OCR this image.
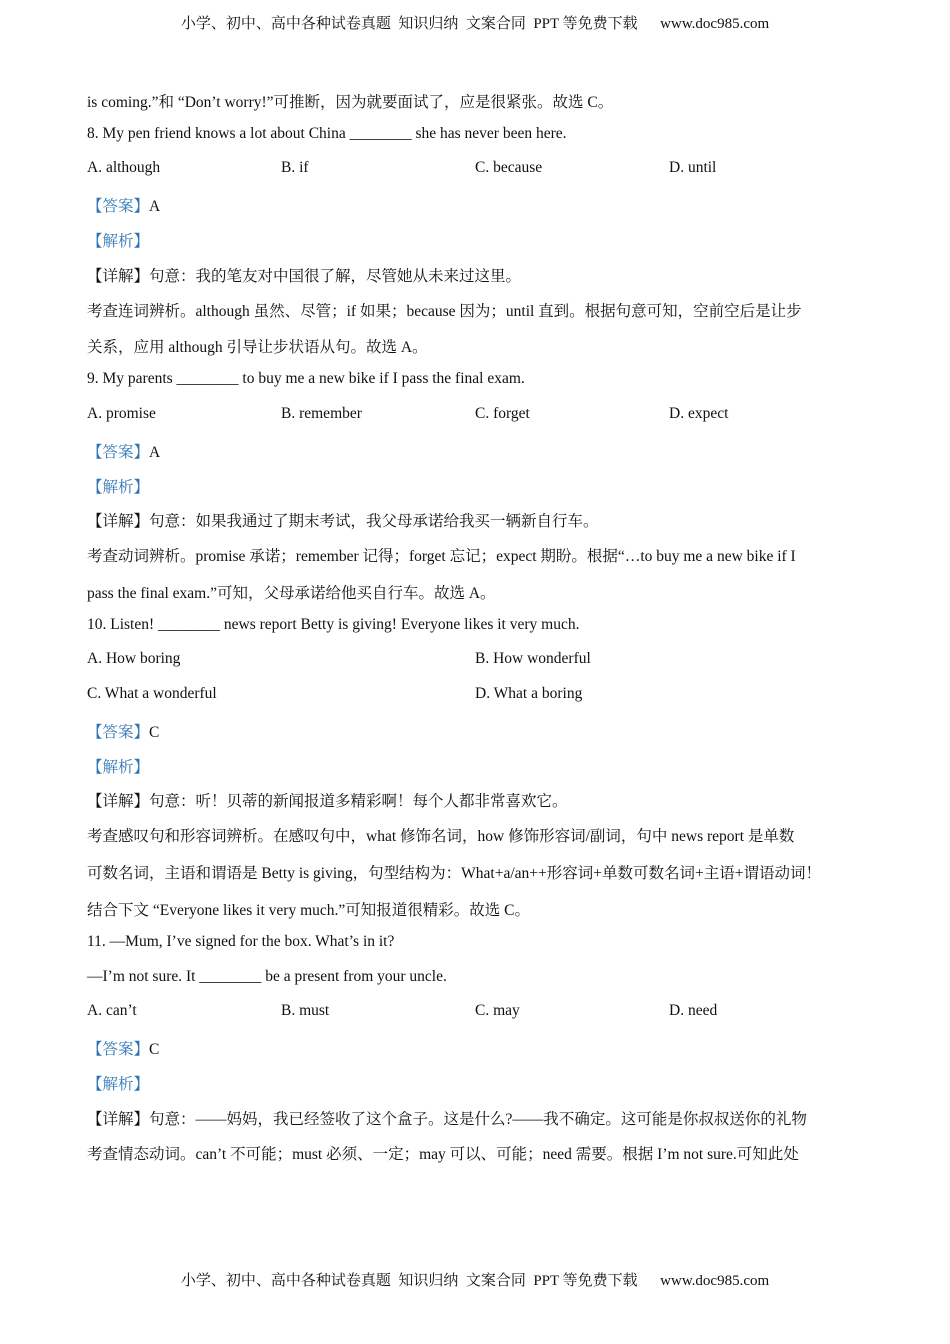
小学、初中、高中各种试卷真题  知识归纳  文案合同  PPT 等免费下载      www.doc985.com
is coming.”和 “Don’t worry!”可推断，因为就要面试了，应是很紧张。故选 C。
8. My pen friend knows a lot about China ________ she has never been here.
A. although	B. if	C. because	D. until
【答案】A
【解析】
【详解】句意：我的笔友对中国很了解，尽管她从未来过这里。
考查连词辨析。although 虽然、尽管；if 如果；because 因为；until 直到。根据句意可知，空前空后是让步
关系，应用 although 引导让步状语从句。故选 A。
9. My parents ________ to buy me a new bike if I pass the final exam.
A. promise	B. remember	C. forget	D. expect
【答案】A
【解析】
【详解】句意：如果我通过了期末考试，我父母承诺给我买一辆新自行车。
考查动词辨析。promise 承诺；remember 记得；forget 忘记；expect 期盼。根据“…to buy me a new bike if I
pass the final exam.”可知，父母承诺给他买自行车。故选 A。
10. Listen! ________ news report Betty is giving! Everyone likes it very much.
A. How boring	B. How wonderful
C. What a wonderful	D. What a boring
【答案】C
【解析】
【详解】句意：听！贝蒂的新闻报道多精彩啊！每个人都非常喜欢它。
考查感叹句和形容词辨析。在感叹句中，what 修饰名词，how 修饰形容词/副词，句中 news report 是单数
可数名词，主语和谓语是 Betty is giving，句型结构为：What+a/an++形容词+单数可数名词+主语+谓语动词！
结合下文 “Everyone likes it very much.”可知报道很精彩。故选 C。
11. —Mum, I’ve signed for the box. What’s in it?
—I’m not sure. It ________ be a present from your uncle.
A. can’t	B. must	C. may	D. need
【答案】C
【解析】
【详解】句意：——妈妈，我已经签收了这个盒子。这是什么?——我不确定。这可能是你叔叔送你的礼物
考查情态动词。can’t 不可能；must 必须、一定；may 可以、可能；need 需要。根据 I’m not sure.可知此处
小学、初中、高中各种试卷真题  知识归纳  文案合同  PPT 等免费下载      www.doc985.com
